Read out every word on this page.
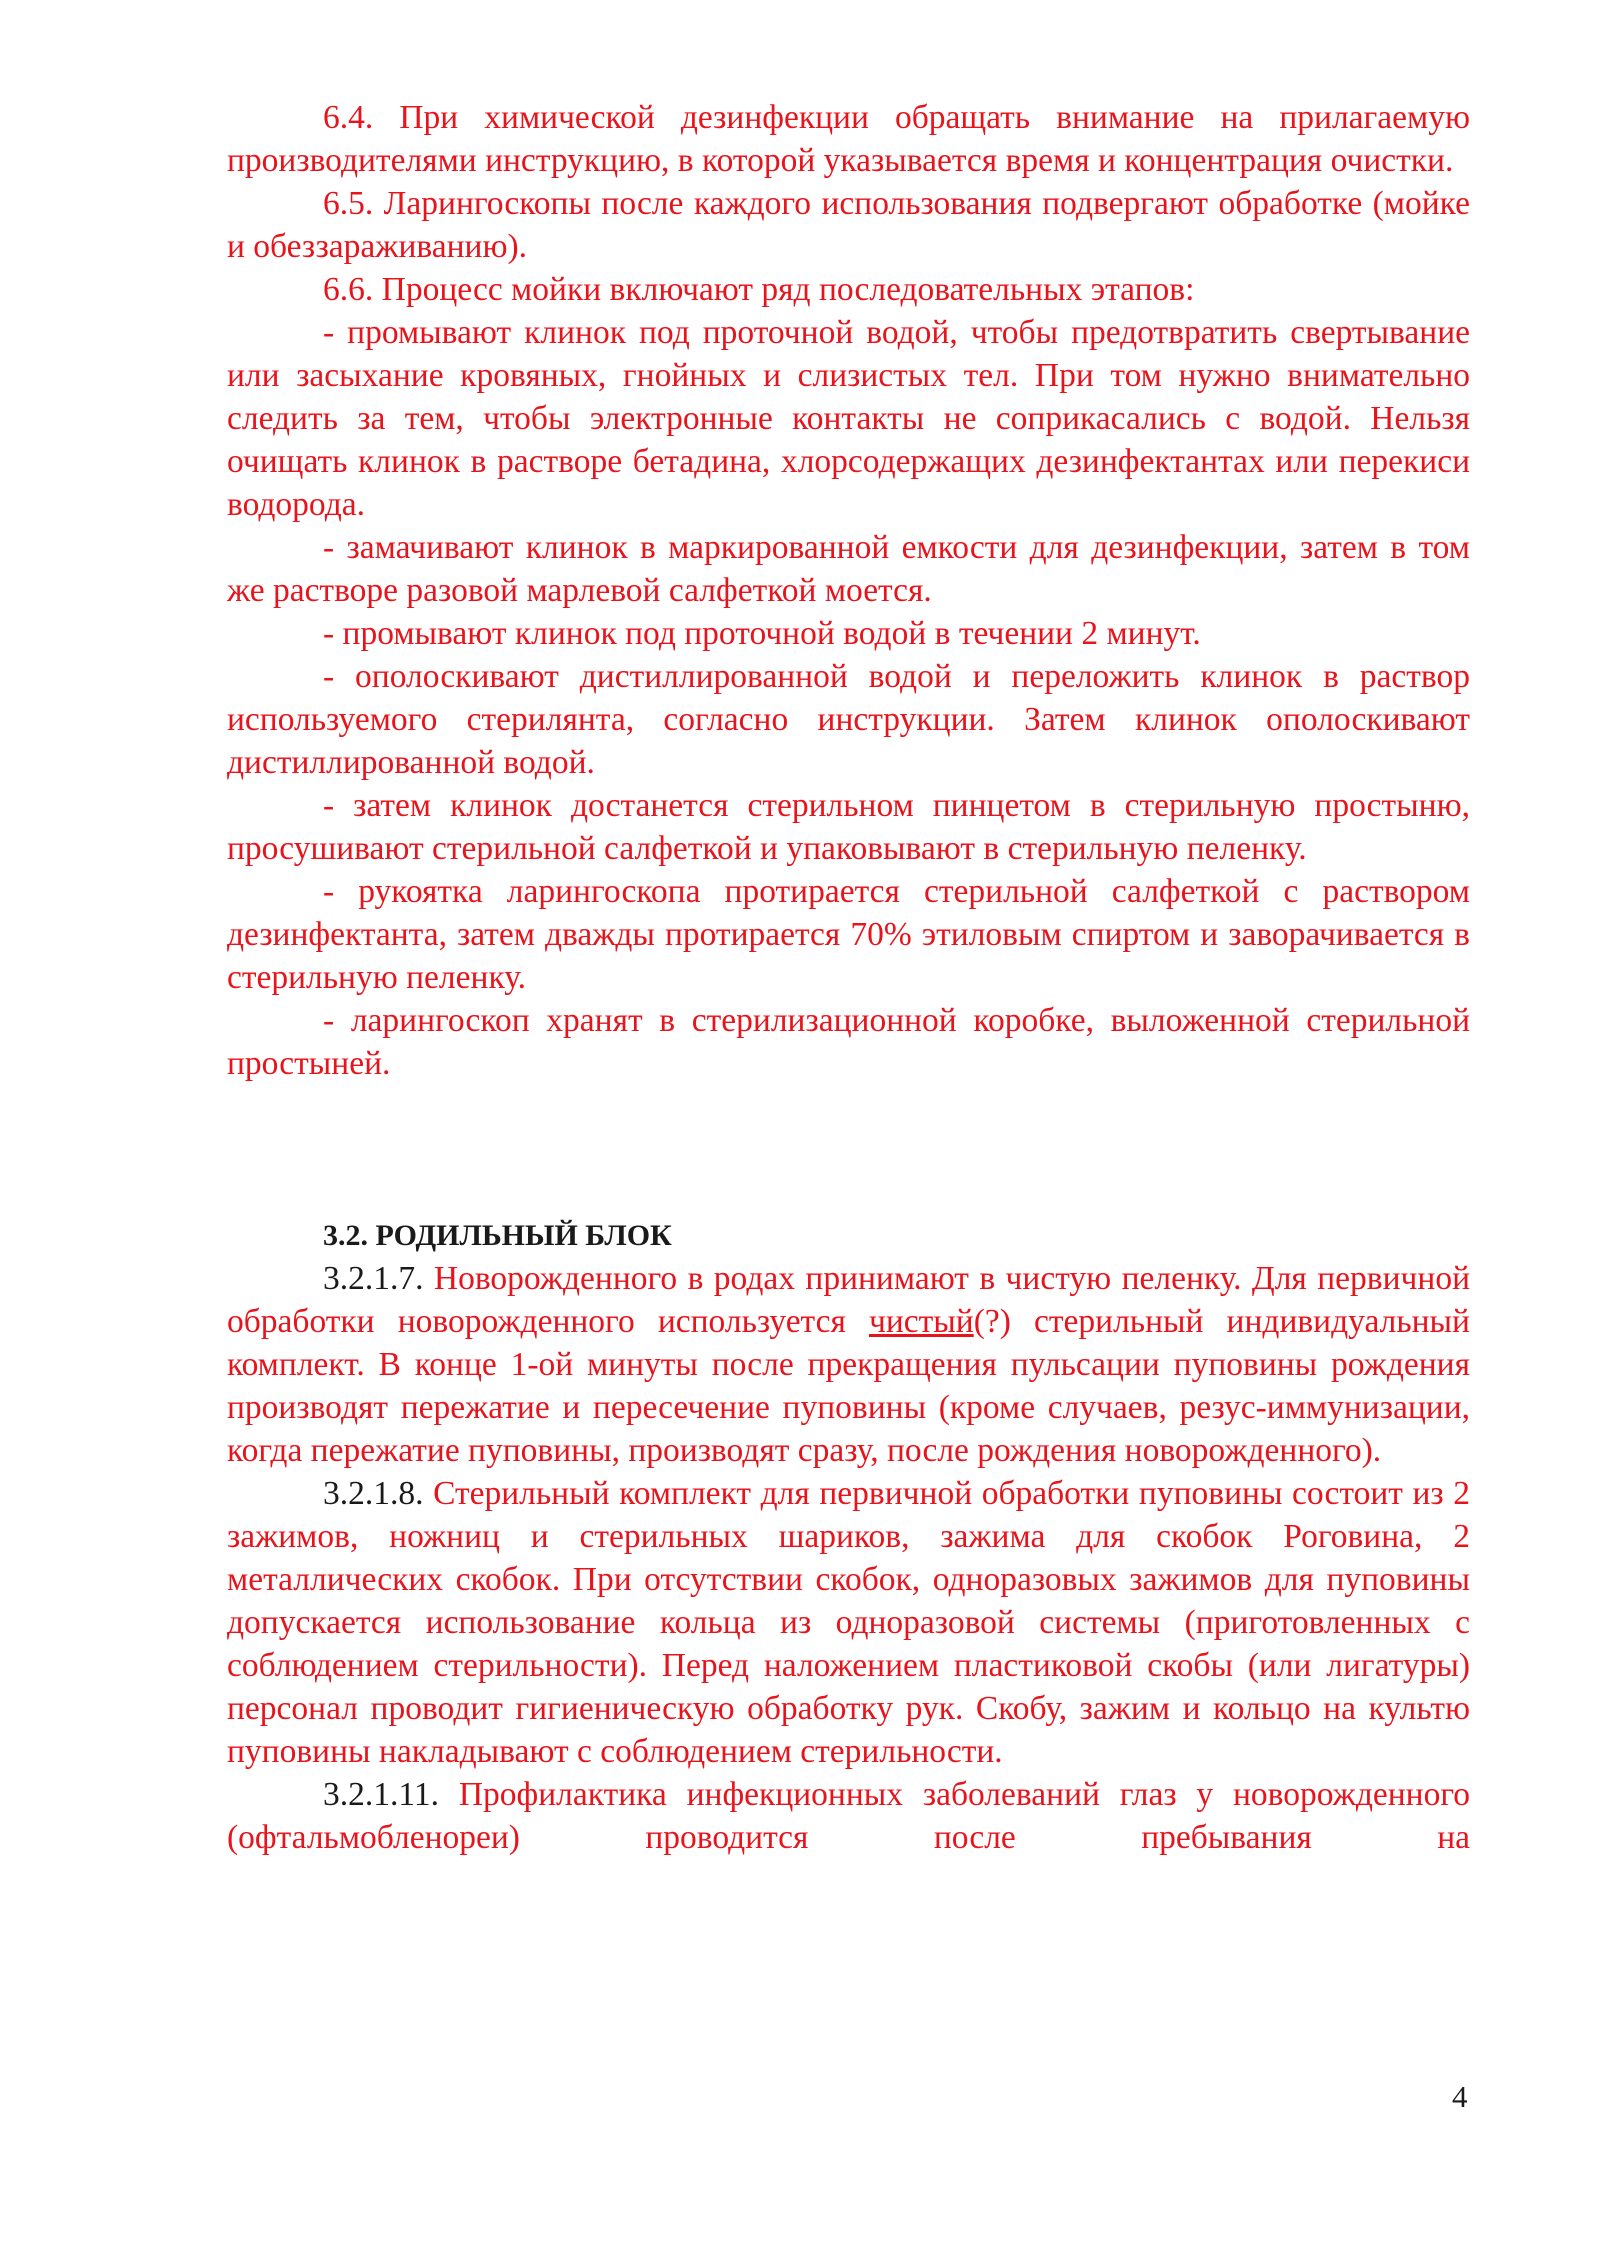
6.4. При химической дезинфекции обращать внимание на прилагаемую производителями инструкцию, в которой указывается время и концентрация очистки.

6.5. Ларингоскопы после каждого использования подвергают обработке (мойке и обеззараживанию).

6.6. Процесс мойки включают ряд последовательных этапов:

- промывают клинок под проточной водой, чтобы предотвратить свертывание или засыхание кровяных, гнойных и слизистых тел. При том нужно внимательно следить за тем, чтобы электронные контакты не соприкасались с водой. Нельзя очищать клинок в растворе бетадина, хлорсодержащих дезинфектантах или перекиси водорода.

- замачивают клинок в маркированной емкости для дезинфекции, затем в том же растворе разовой марлевой салфеткой моется.

- промывают клинок под проточной водой в течении 2 минут.

- ополоскивают дистиллированной водой и переложить клинок в раствор используемого стерилянта, согласно инструкции. Затем клинок ополоскивают дистиллированной водой.

- затем клинок достанется стерильном пинцетом в стерильную простыню, просушивают стерильной салфеткой и упаковывают в стерильную пеленку.

- рукоятка ларингоскопа протирается стерильной салфеткой с раствором дезинфектанта, затем дважды протирается 70% этиловым спиртом и заворачивается в стерильную пеленку.

- ларингоскоп хранят в стерилизационной коробке, выложенной стерильной простыней.

3.2. РОДИЛЬНЫЙ БЛОК

3.2.1.7. Новорожденного в родах принимают в чистую пеленку. Для первичной обработки новорожденного используется чистый(?) стерильный индивидуальный комплект. В конце 1-ой минуты после прекращения пульсации пуповины рождения производят пережатие и пересечение пуповины (кроме случаев, резус-иммунизации, когда пережатие пуповины, производят сразу, после рождения новорожденного).

3.2.1.8. Стерильный комплект для первичной обработки пуповины состоит из 2 зажимов, ножниц и стерильных шариков, зажима для скобок Роговина, 2 металлических скобок. При отсутствии скобок, одноразовых зажимов для пуповины допускается использование кольца из одноразовой системы (приготовленных с соблюдением стерильности). Перед наложением пластиковой скобы (или лигатуры) персонал проводит гигиеническую обработку рук. Скобу, зажим и кольцо на культю пуповины накладывают с соблюдением стерильности.

3.2.1.11. Профилактика инфекционных заболеваний глаз у новорожденного (офтальмобленореи) проводится после пребывания на

4
